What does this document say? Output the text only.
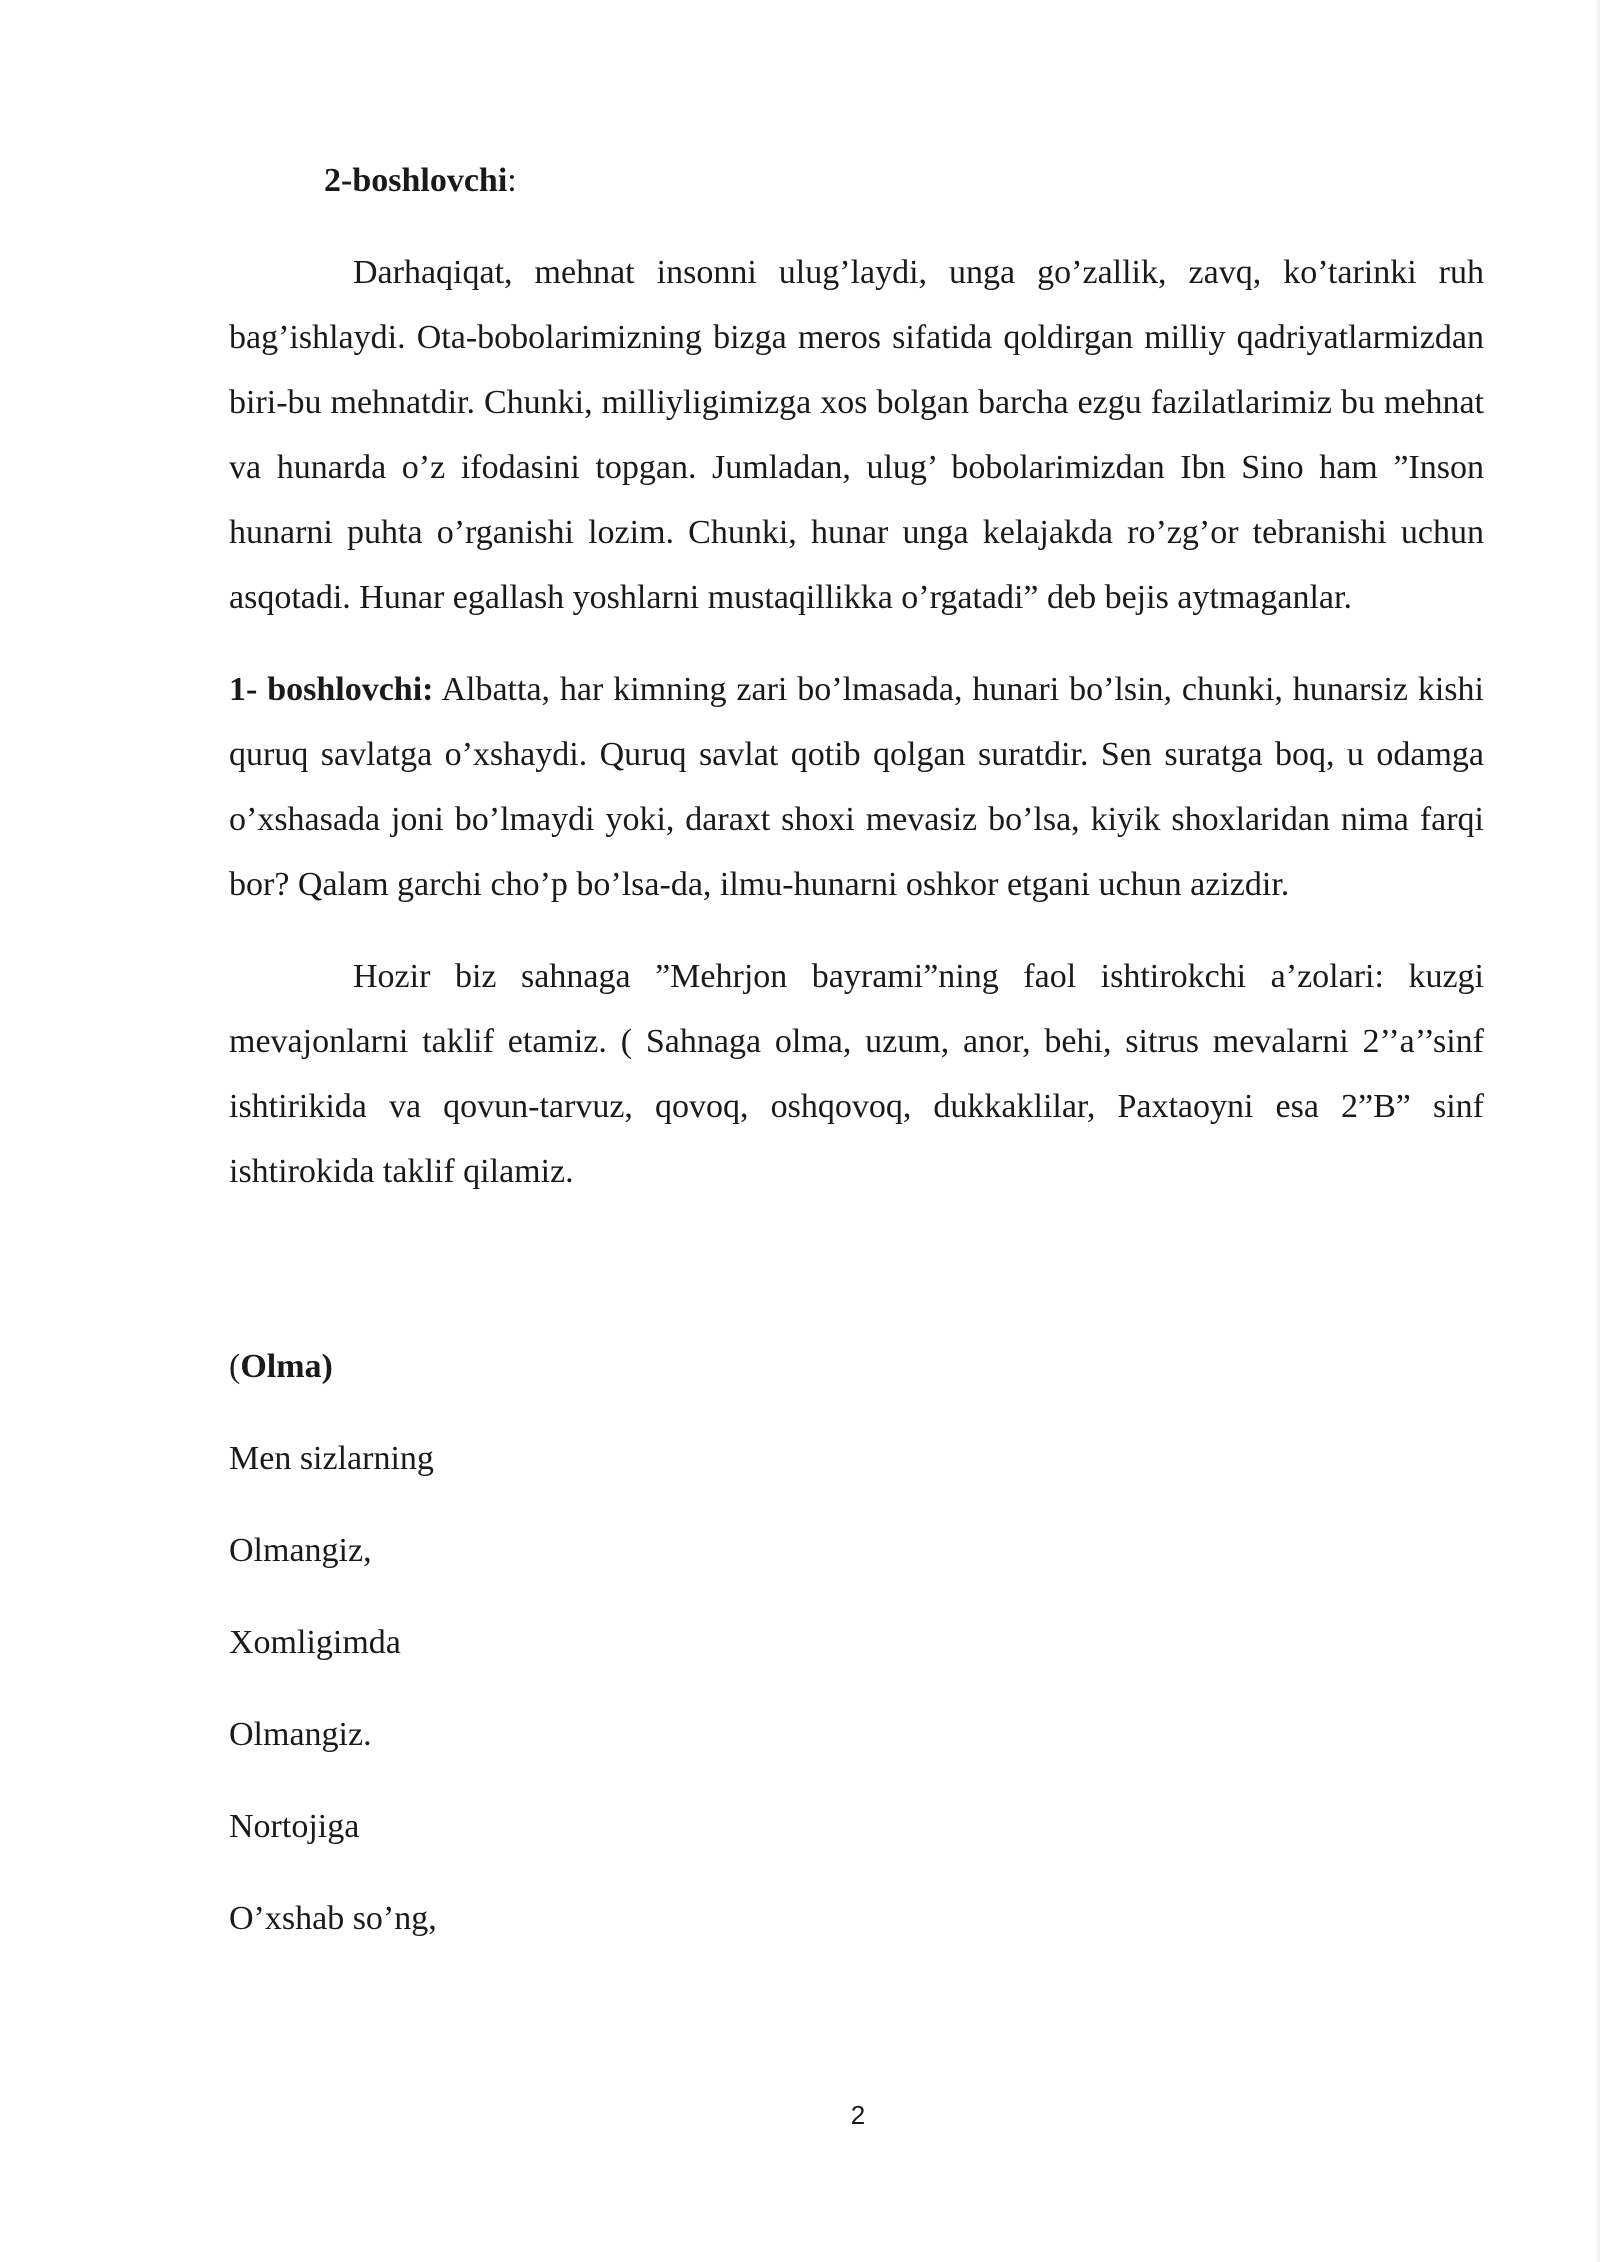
2-boshlovchi:

Darhaqiqat, mehnat insonni ulug’laydi, unga go’zallik, zavq, ko’tarinki ruh bag’ishlaydi. Ota-bobolarimizning bizga meros sifatida qoldirgan milliy qadriyatlarmizdan biri-bu mehnatdir. Chunki, milliyligimizga xos bolgan barcha ezgu fazilatlarimiz bu mehnat va hunarda o’z ifodasini topgan. Jumladan, ulug’ bobolarimizdan Ibn Sino ham ”Inson hunarni puhta o’rganishi lozim. Chunki, hunar unga kelajakda ro’zg’or tebranishi uchun asqotadi. Hunar egallash yoshlarni mustaqillikka o’rgatadi” deb bejis aytmaganlar.

1- boshlovchi: Albatta, har kimning zari bo’lmasada, hunari bo’lsin, chunki, hunarsiz kishi quruq savlatga o’xshaydi. Quruq savlat qotib qolgan suratdir. Sen suratga boq, u odamga o’xshasada joni bo’lmaydi yoki, daraxt shoxi mevasiz bo’lsa, kiyik shoxlaridan nima farqi bor? Qalam garchi cho’p bo’lsa-da, ilmu-hunarni oshkor etgani uchun azizdir.

Hozir biz sahnaga ”Mehrjon bayrami”ning faol ishtirokchi a’zolari: kuzgi mevajonlarni taklif etamiz. ( Sahnaga olma, uzum, anor, behi, sitrus mevalarni 2’’a’’sinf ishtirikida va qovun-tarvuz, qovoq, oshqovoq, dukkaklilar, Paxtaoyni esa 2”B” sinf ishtirokida taklif qilamiz.

(Olma)
Men sizlarning
Olmangiz,
Xomligimda
Olmangiz.
Nortojiga
O’xshab so’ng,
2
